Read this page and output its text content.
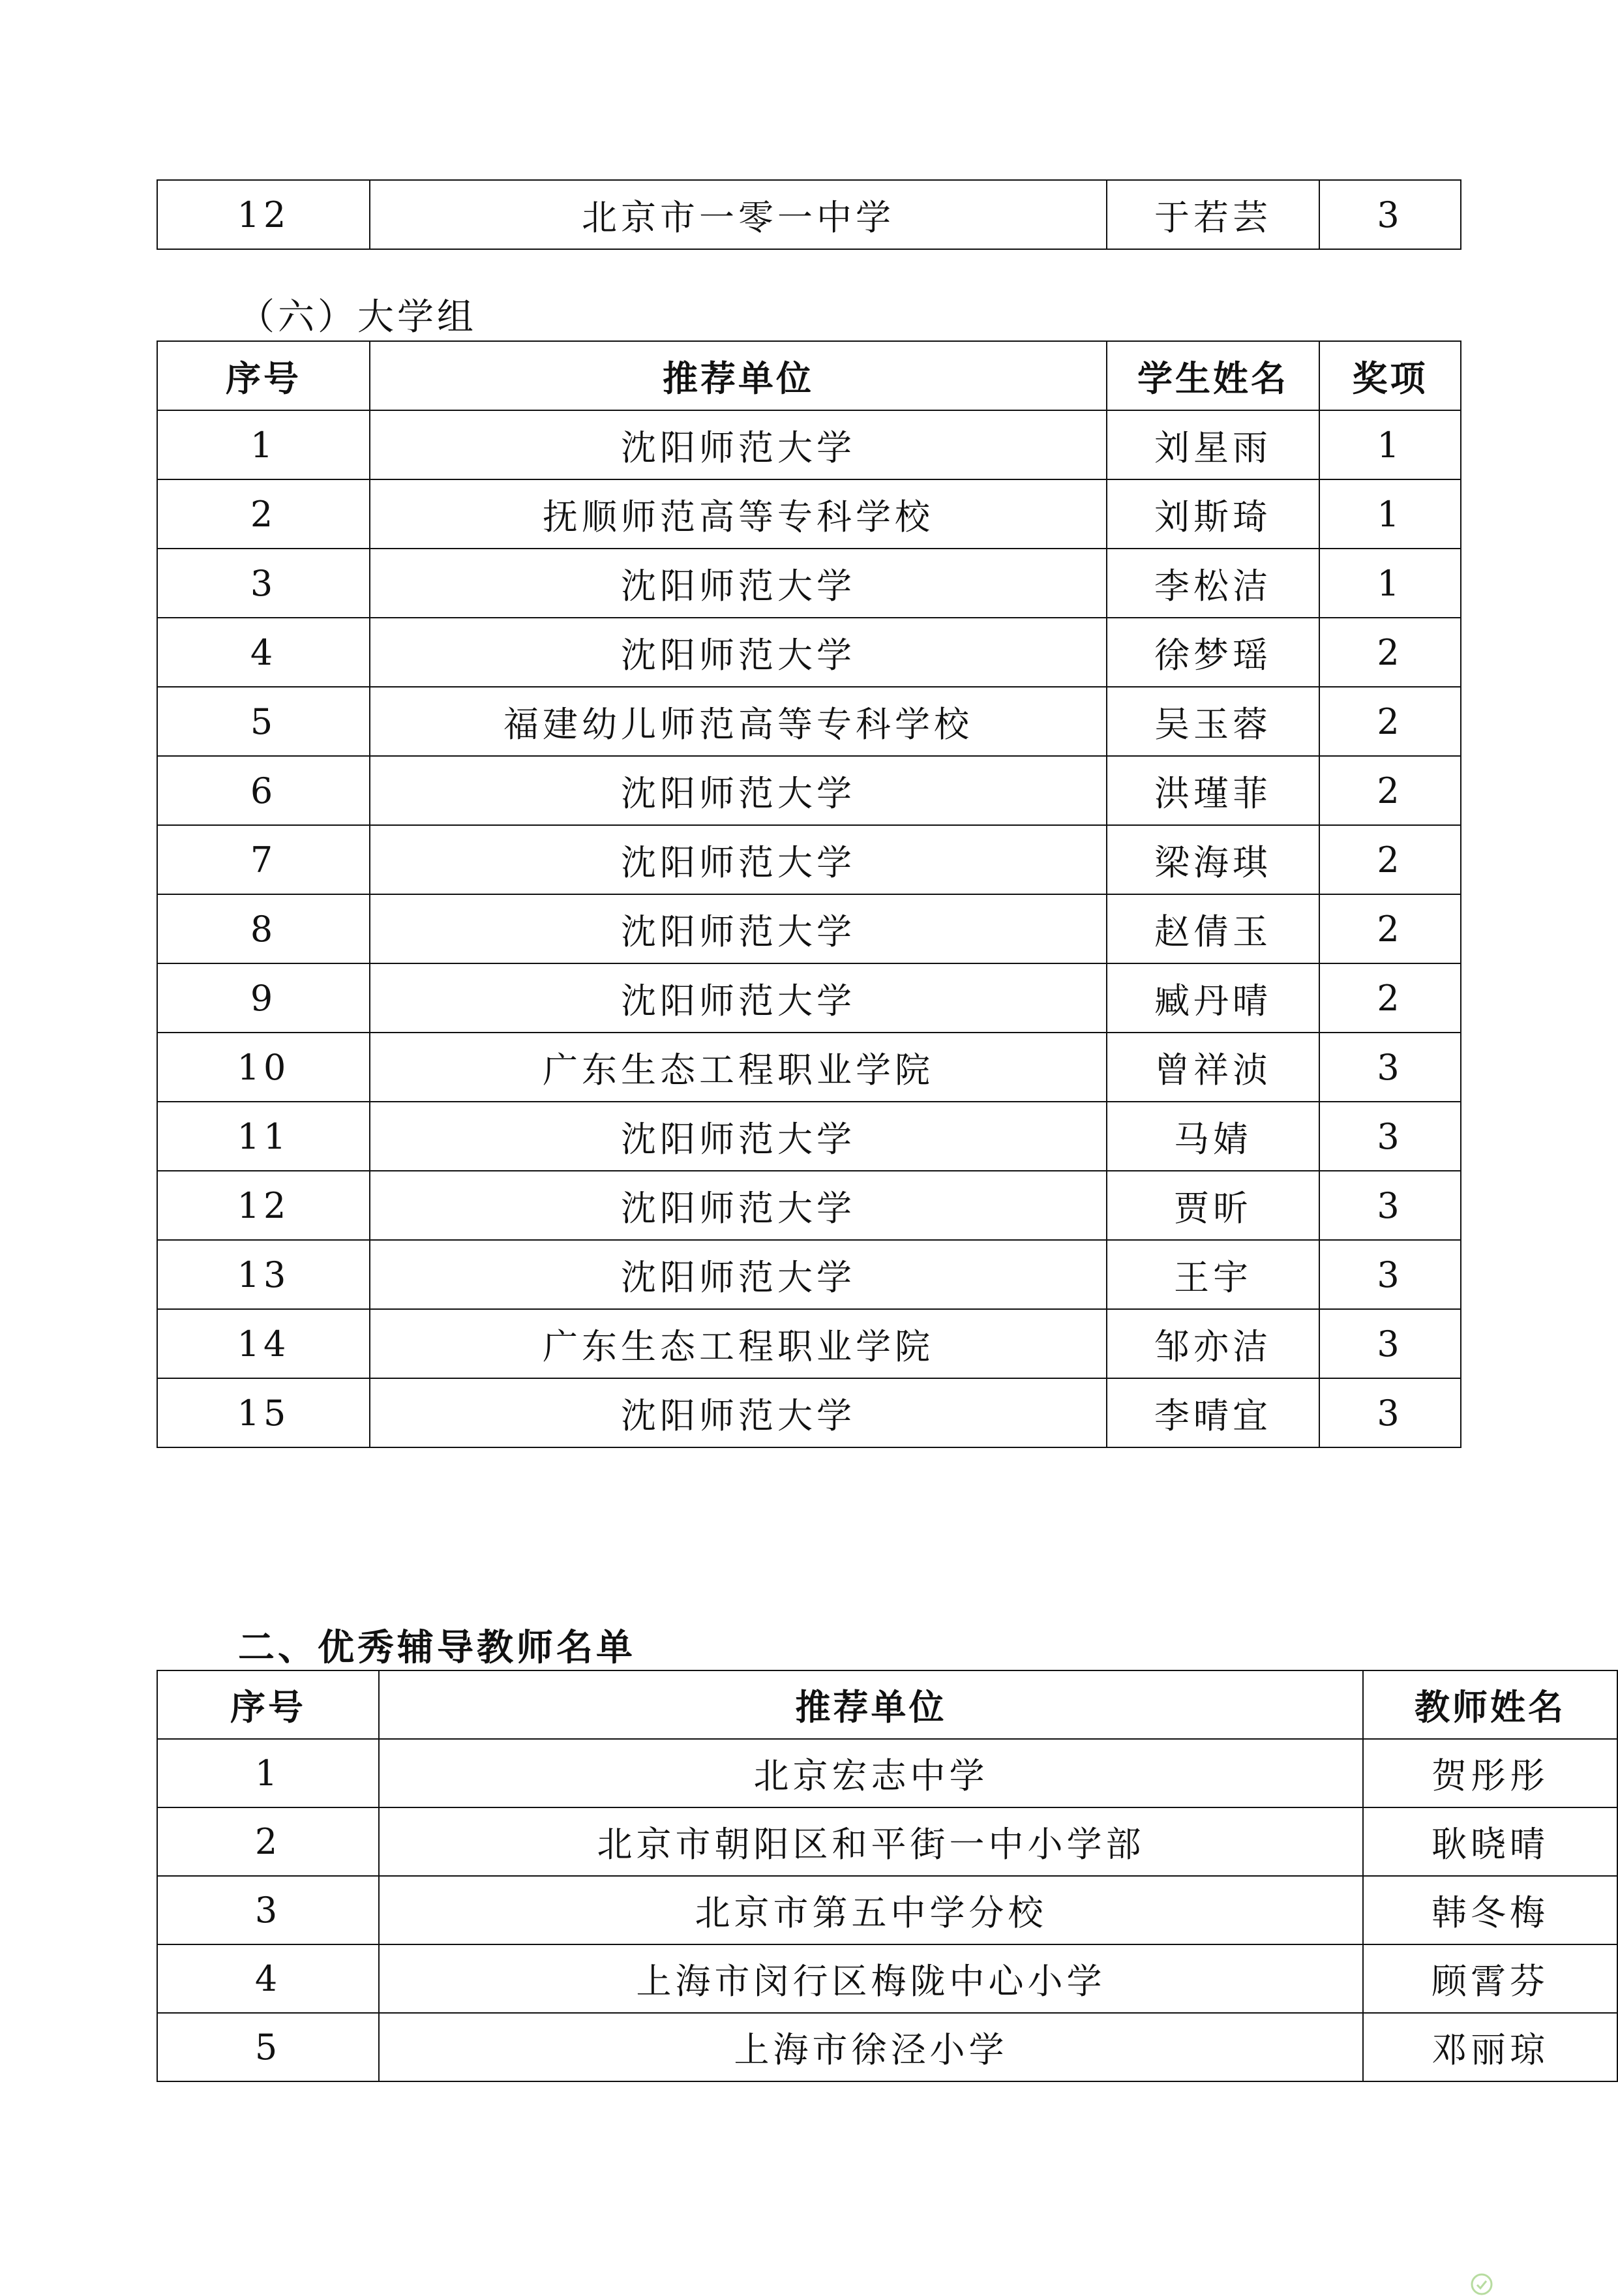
12	北京市一零一中学	于若芸	3
（六）大学组
序号	推荐单位	学生姓名	奖项
1	沈阳师范大学	刘星雨	1
2	抚顺师范高等专科学校	刘斯琦	1
3	沈阳师范大学	李松洁	1
4	沈阳师范大学	徐梦瑶	2
5	福建幼儿师范高等专科学校	吴玉蓉	2
6	沈阳师范大学	洪瑾菲	2
7	沈阳师范大学	梁海琪	2
8	沈阳师范大学	赵倩玉	2
9	沈阳师范大学	臧丹晴	2
10	广东生态工程职业学院	曾祥浈	3
11	沈阳师范大学	马婧	3
12	沈阳师范大学	贾昕	3
13	沈阳师范大学	王宇	3
14	广东生态工程职业学院	邹亦洁	3
15	沈阳师范大学	李晴宜	3
二、优秀辅导教师名单
序号	推荐单位	教师姓名
1	北京宏志中学	贺彤彤
2	北京市朝阳区和平街一中小学部	耿晓晴
3	北京市第五中学分校	韩冬梅
4	上海市闵行区梅陇中心小学	顾霄芬
5	上海市徐泾小学	邓丽琼
